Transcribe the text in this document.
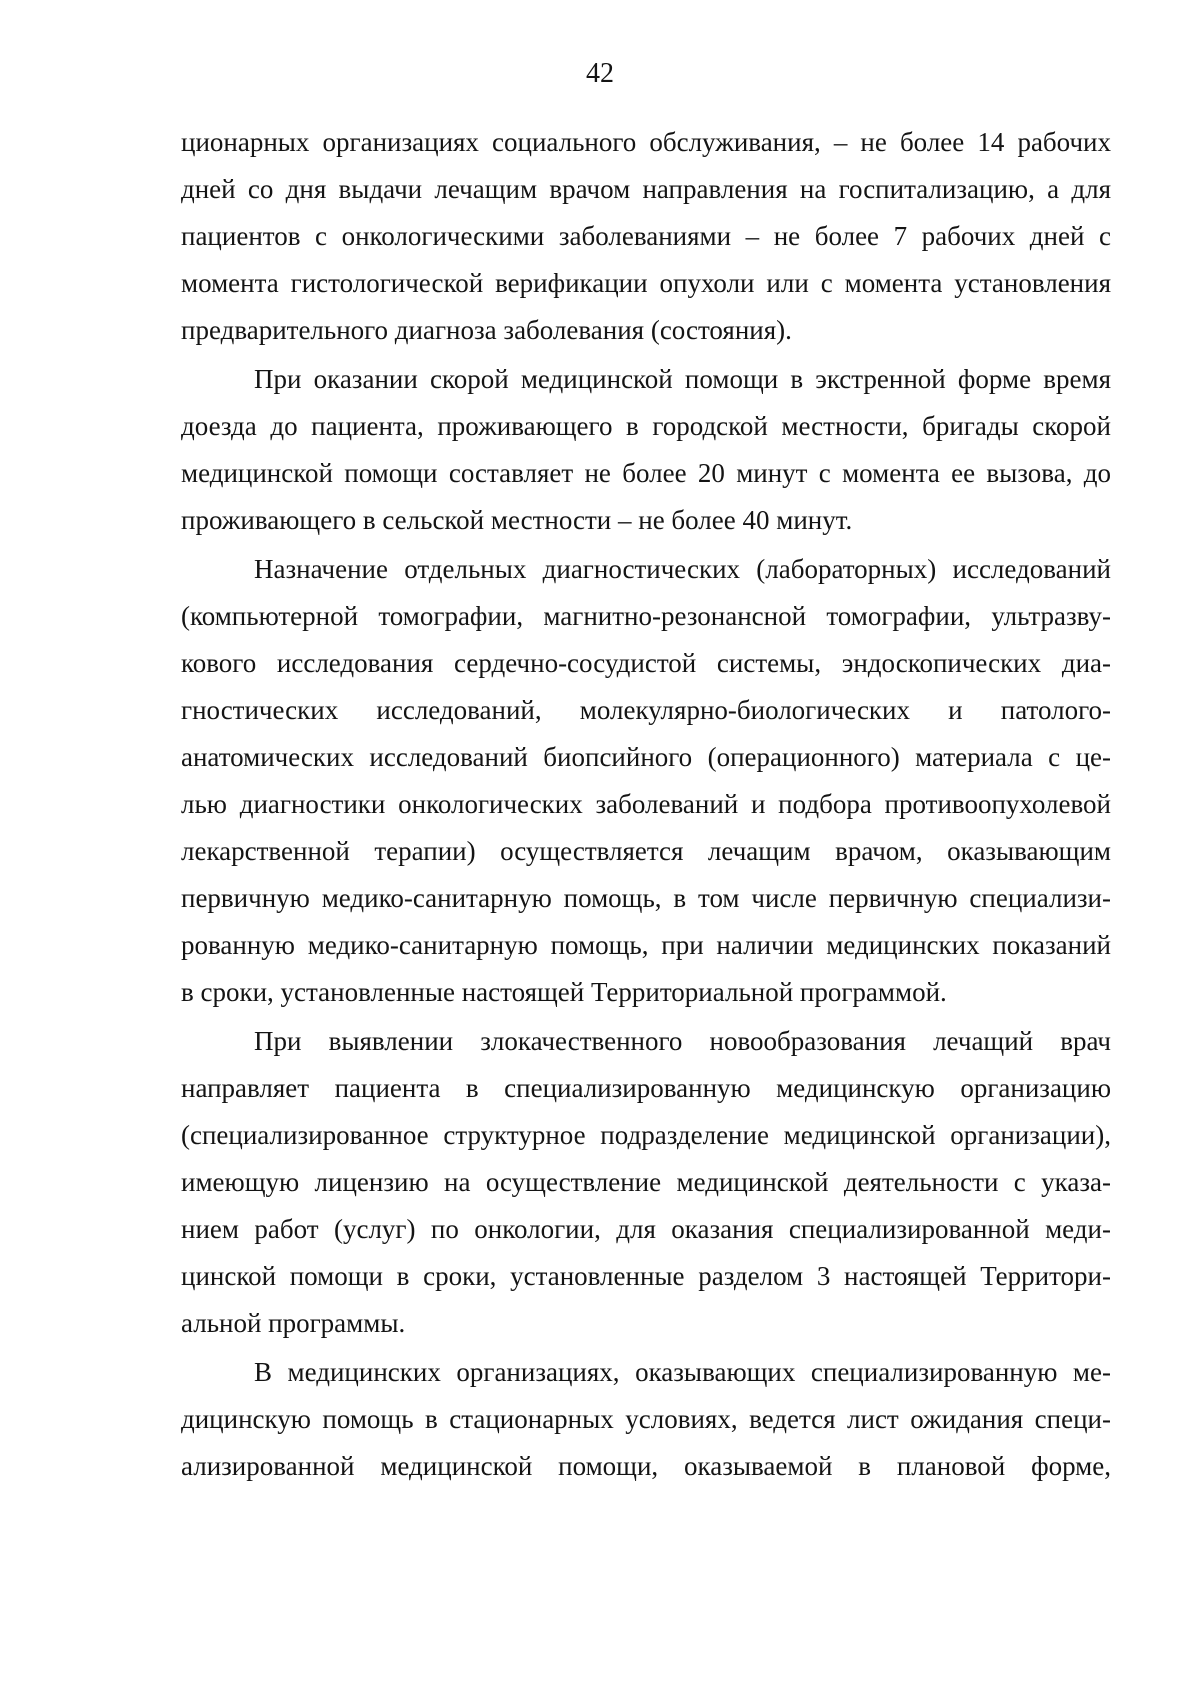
42

ционарных организациях социального обслуживания, – не более 14 рабочих

дней со дня выдачи лечащим врачом направления на госпитализацию, а для

пациентов с онкологическими заболеваниями – не более 7 рабочих дней с

момента гистологической верификации опухоли или с момента установления

предварительного диагноза заболевания (состояния).

При оказании скорой медицинской помощи в экстренной форме время

доезда до пациента, проживающего в городской местности, бригады скорой

медицинской помощи составляет не более 20 минут с момента ее вызова, до

проживающего в сельской местности – не более 40 минут.

Назначение отдельных диагностических (лабораторных) исследований

(компьютерной томографии, магнитно-резонансной томографии, ультразву-

кового исследования сердечно-сосудистой системы, эндоскопических диа-

гностических исследований, молекулярно-биологических и патолого-

анатомических исследований биопсийного (операционного) материала с це-

лью диагностики онкологических заболеваний и подбора противоопухолевой

лекарственной терапии) осуществляется лечащим врачом, оказывающим

первичную медико-санитарную помощь, в том числе первичную специализи-

рованную медико-санитарную помощь, при наличии медицинских показаний

в сроки, установленные настоящей Территориальной программой.

При выявлении злокачественного новообразования лечащий врач

направляет пациента в специализированную медицинскую организацию

(специализированное структурное подразделение медицинской организации),

имеющую лицензию на осуществление медицинской деятельности с указа-

нием работ (услуг) по онкологии, для оказания специализированной меди-

цинской помощи в сроки, установленные разделом 3 настоящей Территори-

альной программы.

В медицинских организациях, оказывающих специализированную ме-

дицинскую помощь в стационарных условиях, ведется лист ожидания специ-

ализированной медицинской помощи, оказываемой в плановой форме,
